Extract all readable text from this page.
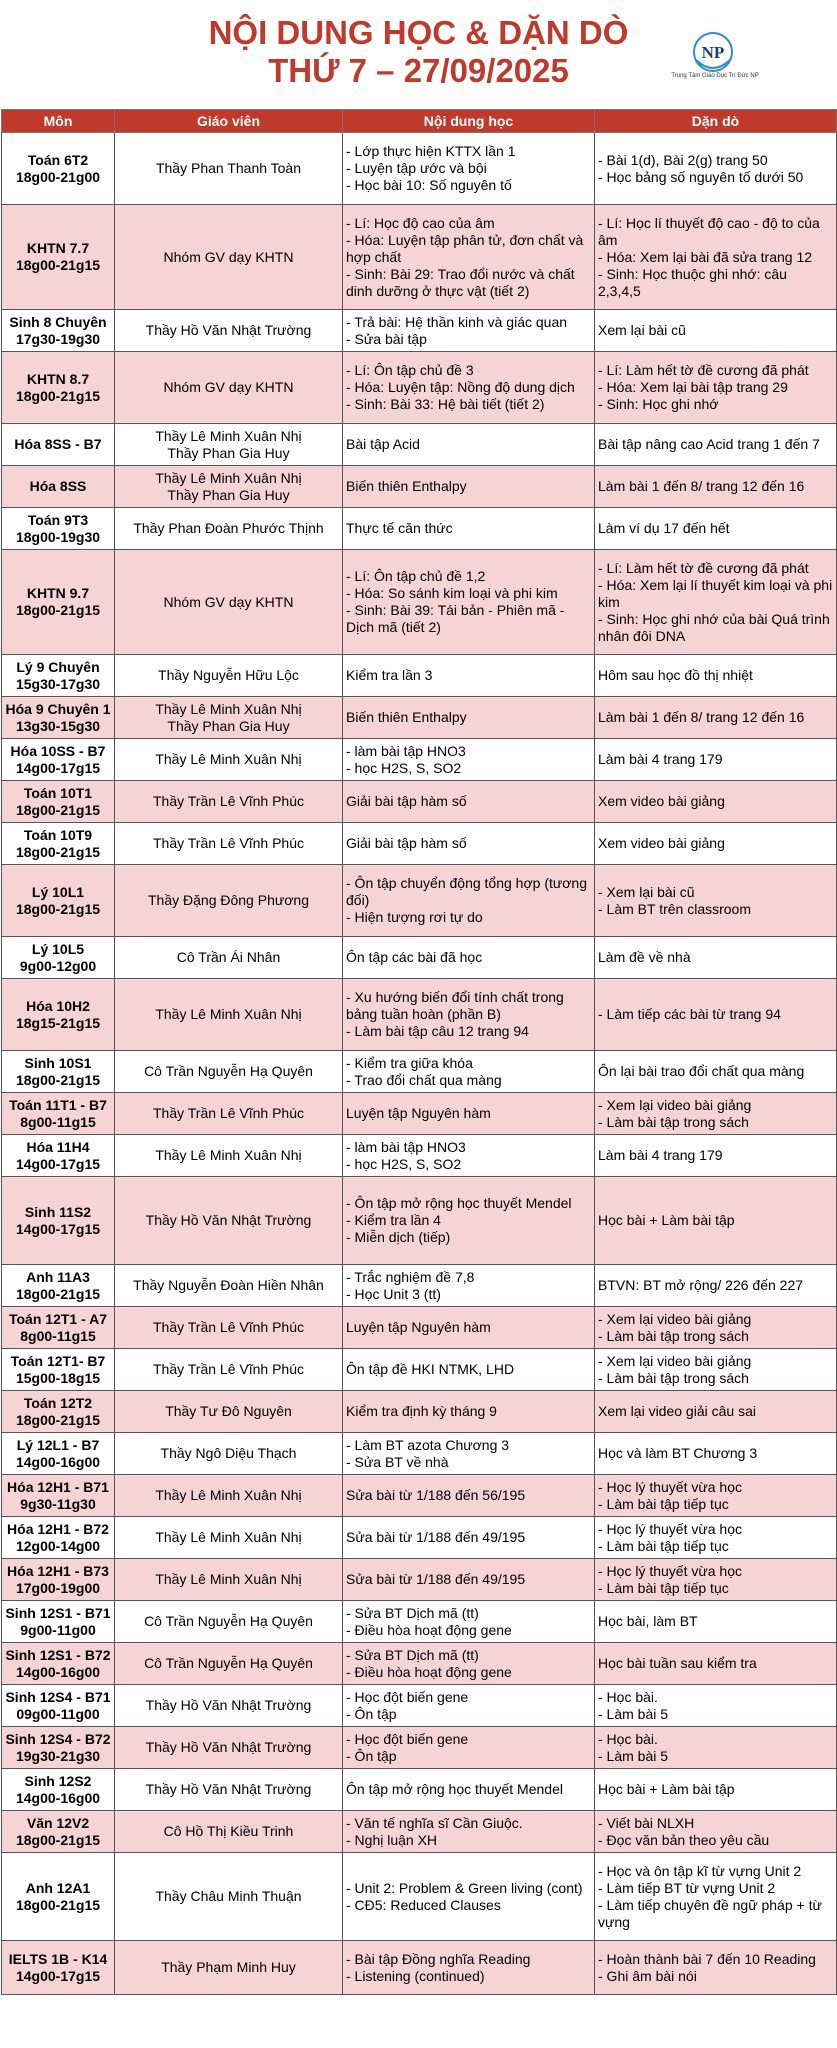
NỘI DUNG HỌC & DẶN DÒ
THỨ 7 – 27/09/2025	NP
Trung Tâm Giáo Dục Trí Đức NP
Môn	Giáo viên	Nội dung học	Dặn dò

Toán 6T2
18g00-21g00	Thầy Phan Thanh Toàn	- Lớp thực hiện KTTX lần 1
- Luyện tập ước và bội
- Học bài 10: Số nguyên tố	- Bài 1(d), Bài 2(g) trang 50
- Học bảng số nguyên tố dưới 50

KHTN 7.7
18g00-21g15	Nhóm GV dạy KHTN	- Lí: Học độ cao của âm
- Hóa: Luyện tập phân tử, đơn chất và hợp chất
- Sinh: Bài 29: Trao đổi nước và chất dinh dưỡng ở thực vật (tiết 2)	- Lí: Học lí thuyết độ cao - độ to của âm
- Hóa: Xem lại bài đã sửa trang 12
- Sinh: Học thuộc ghi nhớ: câu 2,3,4,5

Sinh 8 Chuyên
17g30-19g30	Thầy Hồ Văn Nhật Trường	- Trả bài: Hệ thần kinh và giác quan
- Sửa bài tập	Xem lại bài cũ

KHTN 8.7
18g00-21g15	Nhóm GV dạy KHTN	- Lí: Ôn tập chủ đề 3
- Hóa: Luyện tập: Nồng độ dung dịch
- Sinh: Bài 33: Hệ bài tiết (tiết 2)	- Lí: Làm hết tờ đề cương đã phát
- Hóa: Xem lại bài tập trang 29
- Sinh: Học ghi nhớ

Hóa 8SS - B7	Thầy Lê Minh Xuân Nhị
Thầy Phan Gia Huy	Bài tập Acid	Bài tập nâng cao Acid trang 1 đến 7

Hóa 8SS	Thầy Lê Minh Xuân Nhị
Thầy Phan Gia Huy	Biến thiên Enthalpy	Làm bài 1 đến 8/ trang 12 đến 16

Toán 9T3
18g00-19g30	Thầy Phan Đoàn Phước Thịnh	Thực tế căn thức	Làm ví dụ 17 đến hết

KHTN 9.7
18g00-21g15	Nhóm GV dạy KHTN	- Lí: Ôn tập chủ đề 1,2
- Hóa: So sánh kim loại và phi kim
- Sinh: Bài 39: Tái bản - Phiên mã - Dịch mã (tiết 2)	- Lí: Làm hết tờ đề cương đã phát
- Hóa: Xem lại lí thuyết kim loại và phi kim
- Sinh: Học ghi nhớ của bài Quá trình nhân đôi DNA

Lý 9 Chuyên
15g30-17g30	Thầy Nguyễn Hữu Lộc	Kiểm tra lần 3	Hôm sau học đồ thị nhiệt

Hóa 9 Chuyên 1
13g30-15g30	Thầy Lê Minh Xuân Nhị
Thầy Phan Gia Huy	Biến thiên Enthalpy	Làm bài 1 đến 8/ trang 12 đến 16

Hóa 10SS - B7
14g00-17g15	Thầy Lê Minh Xuân Nhị	- làm bài tập HNO3
- học H2S, S, SO2	Làm bài 4 trang 179

Toán 10T1
18g00-21g15	Thầy Trần Lê Vĩnh Phúc	Giải bài tập hàm số	Xem video bài giảng

Toán 10T9
18g00-21g15	Thầy Trần Lê Vĩnh Phúc	Giải bài tập hàm số	Xem video bài giảng

Lý 10L1
18g00-21g15	Thầy Đặng Đông Phương	- Ôn tập chuyển động tổng hợp (tương đối)
- Hiện tượng rơi tự do	- Xem lại bài cũ
- Làm BT trên classroom

Lý 10L5
9g00-12g00	Cô Trần Ái Nhân	Ôn tập các bài đã học	Làm đề về nhà

Hóa 10H2
18g15-21g15	Thầy Lê Minh Xuân Nhị	- Xu hướng biến đổi tính chất trong bảng tuần hoàn (phần B)
- Làm bài tập câu 12 trang 94	- Làm tiếp các bài từ trang 94

Sinh 10S1
18g00-21g15	Cô Trần Nguyễn Hạ Quyên	- Kiểm tra giữa khóa
- Trao đổi chất qua màng	Ôn lại bài trao đổi chất qua màng

Toán 11T1 - B7
8g00-11g15	Thầy Trần Lê Vĩnh Phúc	Luyện tập Nguyên hàm	- Xem lại video bài giảng
- Làm bài tập trong sách

Hóa 11H4
14g00-17g15	Thầy Lê Minh Xuân Nhị	- làm bài tập HNO3
- học H2S, S, SO2	Làm bài 4 trang 179

Sinh 11S2
14g00-17g15	Thầy Hồ Văn Nhật Trường	- Ôn tập mở rộng học thuyết Mendel
- Kiểm tra lần 4
- Miễn dịch (tiếp)	Học bài + Làm bài tập

Anh 11A3
18g00-21g15	Thầy Nguyễn Đoàn Hiền Nhân	- Trắc nghiệm đề 7,8
- Học Unit 3 (tt)	BTVN: BT mở rộng/ 226 đến 227

Toán 12T1 - A7
8g00-11g15	Thầy Trần Lê Vĩnh Phúc	Luyện tập Nguyên hàm	- Xem lại video bài giảng
- Làm bài tập trong sách

Toán 12T1- B7
15g00-18g15	Thầy Trần Lê Vĩnh Phúc	Ôn tập đề HKI NTMK, LHD	- Xem lại video bài giảng
- Làm bài tập trong sách

Toán 12T2
18g00-21g15	Thầy Tư Đô Nguyên	Kiểm tra định kỳ tháng 9	Xem lại video giải câu sai

Lý 12L1 - B7
14g00-16g00	Thầy Ngô Diệu Thạch	- Làm BT azota Chương 3
- Sửa BT về nhà	Học và làm BT Chương 3

Hóa 12H1 - B71
9g30-11g30	Thầy Lê Minh Xuân Nhị	Sửa bài từ 1/188 đến 56/195	- Học lý thuyết vừa học
- Làm bài tập tiếp tục

Hóa 12H1 - B72
12g00-14g00	Thầy Lê Minh Xuân Nhị	Sửa bài từ 1/188 đến 49/195	- Học lý thuyết vừa học
- Làm bài tập tiếp tục

Hóa 12H1 - B73
17g00-19g00	Thầy Lê Minh Xuân Nhị	Sửa bài từ 1/188 đến 49/195	- Học lý thuyết vừa học
- Làm bài tập tiếp tục

Sinh 12S1 - B71
9g00-11g00	Cô Trần Nguyễn Hạ Quyên	- Sửa BT Dịch mã (tt)
- Điều hòa hoạt động gene	Học bài, làm BT

Sinh 12S1 - B72
14g00-16g00	Cô Trần Nguyễn Hạ Quyên	- Sửa BT Dịch mã (tt)
- Điều hòa hoạt động gene	Học bài tuần sau kiểm tra

Sinh 12S4 - B71
09g00-11g00	Thầy Hồ Văn Nhật Trường	- Học đột biến gene
- Ôn tập	- Học bài.
- Làm bài 5

Sinh 12S4 - B72
19g30-21g30	Thầy Hồ Văn Nhật Trường	- Học đột biến gene
- Ôn tập	- Học bài.
- Làm bài 5

Sinh 12S2
14g00-16g00	Thầy Hồ Văn Nhật Trường	Ôn tập mở rộng học thuyết Mendel	Học bài + Làm bài tập

Văn 12V2
18g00-21g15	Cô Hồ Thị Kiều Trinh	- Văn tế nghĩa sĩ Cần Giuộc.
- Nghị luận XH	- Viết bài NLXH
- Đọc văn bản theo yêu cầu

Anh 12A1
18g00-21g15	Thầy Châu Minh Thuận	- Unit 2: Problem & Green living (cont)
- CĐ5: Reduced Clauses	- Học và ôn tập kĩ từ vựng Unit 2
- Làm tiếp BT từ vựng Unit 2
- Làm tiếp chuyên đề ngữ pháp + từ vựng

IELTS 1B - K14
14g00-17g15	Thầy Phạm Minh Huy	- Bài tập Đồng nghĩa Reading
- Listening (continued)	- Hoàn thành bài 7 đến 10 Reading
- Ghi âm bài nói
